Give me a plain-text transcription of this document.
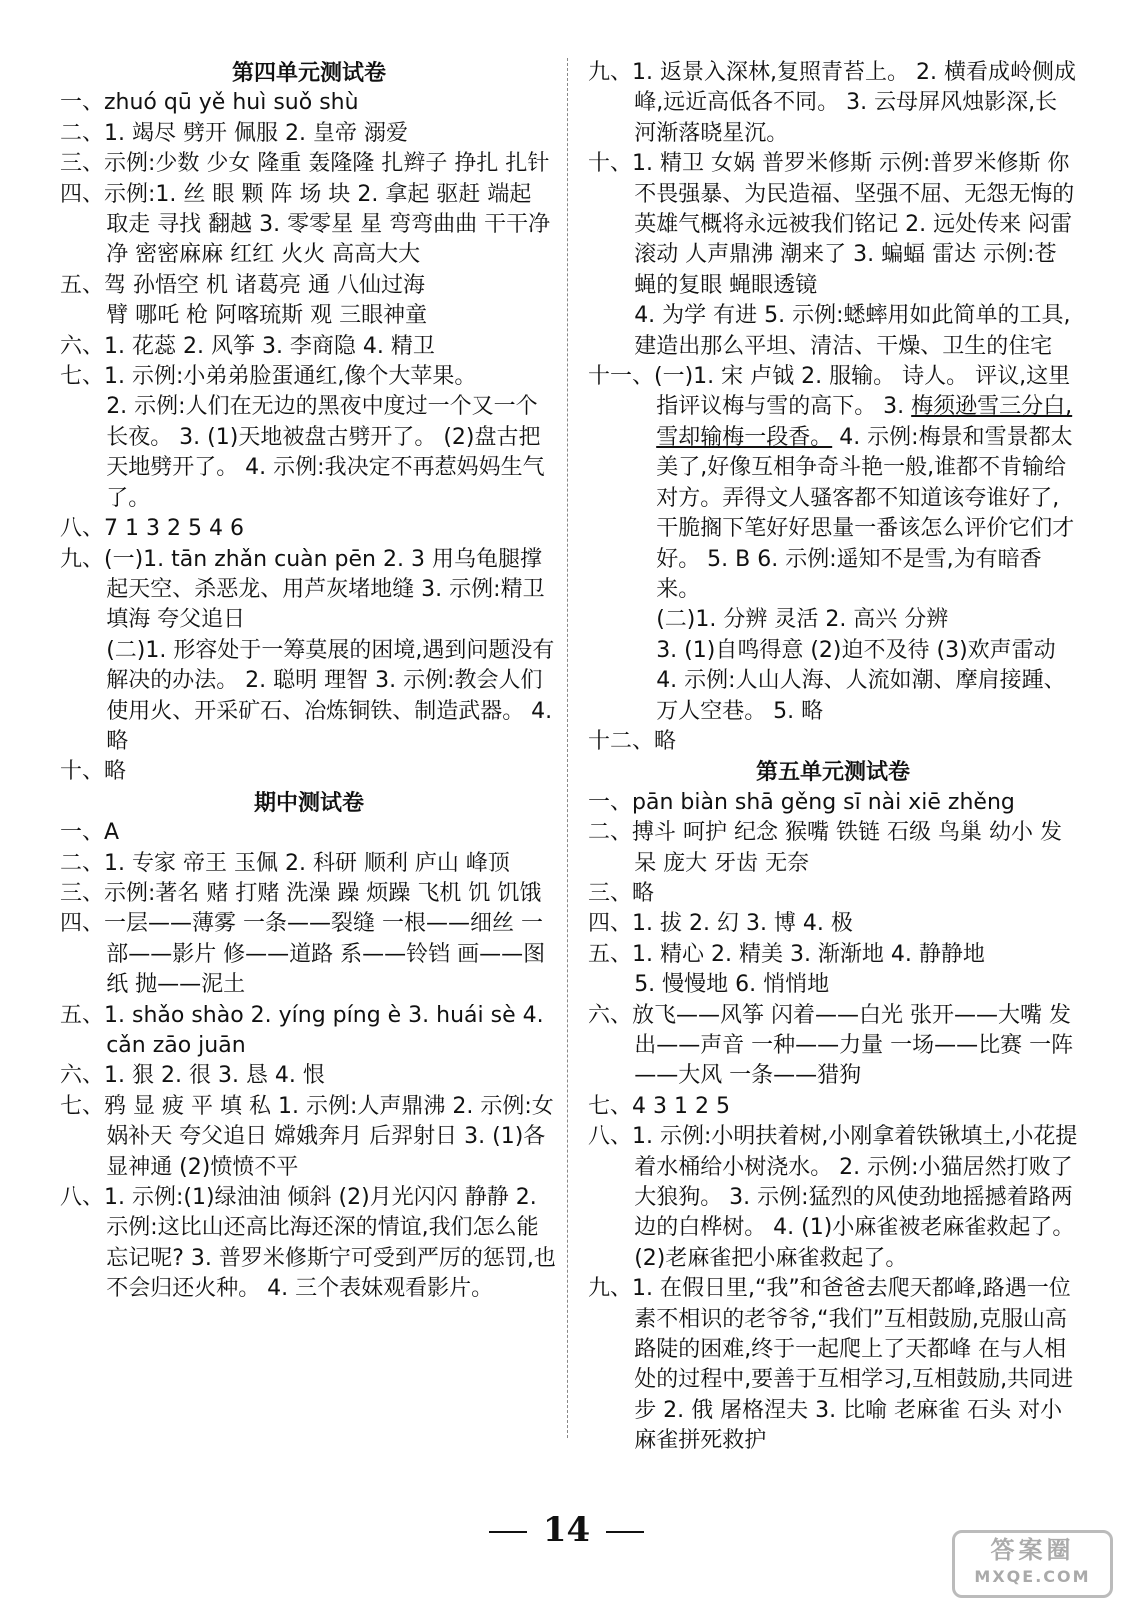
第四单元测试卷
一、zhuó qū yě huì suǒ shù
二、1. 竭尽 劈开 佩服 2. 皇帝 溺爱
三、示例:少数 少女 隆重 轰隆隆 扎辫子 挣扎 扎针
四、示例:1. 丝 眼 颗 阵 场 块 2. 拿起 驱赶 端起 取走 寻找 翻越 3. 零零星 星 弯弯曲曲 干干净净 密密麻麻 红红 火火 高高大大
五、驾 孙悟空 机 诸葛亮 通 八仙过海
臂 哪吒 枪 阿喀琉斯 观 三眼神童
六、1. 花蕊 2. 风筝 3. 李商隐 4. 精卫
七、1. 示例:小弟弟脸蛋通红,像个大苹果。
2. 示例:人们在无边的黑夜中度过一个又一个长夜。 3. (1)天地被盘古劈开了。 (2)盘古把天地劈开了。 4. 示例:我决定不再惹妈妈生气了。
八、7 1 3 2 5 4 6
九、(一)1. tān zhǎn cuàn pēn 2. 3 用乌龟腿撑起天空、杀恶龙、用芦灰堵地缝 3. 示例:精卫填海 夸父追日
(二)1. 形容处于一筹莫展的困境,遇到问题没有解决的办法。 2. 聪明 理智 3. 示例:教会人们使用火、开采矿石、冶炼铜铁、制造武器。 4. 略
十、略
期中测试卷
一、A
二、1. 专家 帝王 玉佩 2. 科研 顺利 庐山 峰顶
三、示例:著名 赌 打赌 洗澡 躁 烦躁 飞机 饥 饥饿
四、一层——薄雾 一条——裂缝 一根——细丝 一部——影片 修——道路 系——铃铛 画——图纸 抛——泥土
五、1. shǎo shào 2. yíng píng è 3. huái sè 4. cǎn zāo juān
六、1. 狠 2. 很 3. 恳 4. 恨
七、鸦 显 疲 平 填 私 1. 示例:人声鼎沸 2. 示例:女娲补天 夸父追日 嫦娥奔月 后羿射日 3. (1)各显神通 (2)愤愤不平
八、1. 示例:(1)绿油油 倾斜 (2)月光闪闪 静静 2. 示例:这比山还高比海还深的情谊,我们怎么能忘记呢? 3. 普罗米修斯宁可受到严厉的惩罚,也不会归还火种。 4. 三个表妹观看影片。
九、1. 返景入深林,复照青苔上。 2. 横看成岭侧成峰,远近高低各不同。 3. 云母屏风烛影深,长河渐落晓星沉。
十、1. 精卫 女娲 普罗米修斯 示例:普罗米修斯 你不畏强暴、为民造福、坚强不屈、无怨无悔的英雄气概将永远被我们铭记 2. 远处传来 闷雷滚动 人声鼎沸 潮来了 3. 蝙蝠 雷达 示例:苍蝇的复眼 蝇眼透镜
4. 为学 有进 5. 示例:蟋蟀用如此简单的工具,建造出那么平坦、清洁、干燥、卫生的住宅
十一、(一)1. 宋 卢钺 2. 服输。 诗人。 评议,这里指评议梅与雪的高下。 3. 梅须逊雪三分白,雪却输梅一段香。 4. 示例:梅景和雪景都太美了,好像互相争奇斗艳一般,谁都不肯输给对方。弄得文人骚客都不知道该夸谁好了,干脆搁下笔好好思量一番该怎么评价它们才好。 5. B 6. 示例:遥知不是雪,为有暗香来。
(二)1. 分辨 灵活 2. 高兴 分辨
3. (1)自鸣得意 (2)迫不及待 (3)欢声雷动 4. 示例:人山人海、人流如潮、摩肩接踵、万人空巷。 5. 略
十二、略
第五单元测试卷
一、pān biàn shā gěng sī nài xiē zhěng
二、搏斗 呵护 纪念 猴嘴 铁链 石级 鸟巢 幼小 发呆 庞大 牙齿 无奈
三、略
四、1. 拔 2. 幻 3. 博 4. 极
五、1. 精心 2. 精美 3. 渐渐地 4. 静静地
5. 慢慢地 6. 悄悄地
六、放飞——风筝 闪着——白光 张开——大嘴 发出——声音 一种——力量 一场——比赛 一阵——大风 一条——猎狗
七、4 3 1 2 5
八、1. 示例:小明扶着树,小刚拿着铁锹填土,小花提着水桶给小树浇水。 2. 示例:小猫居然打败了大狼狗。 3. 示例:猛烈的风使劲地摇撼着路两边的白桦树。 4. (1)小麻雀被老麻雀救起了。 (2)老麻雀把小麻雀救起了。
九、1. 在假日里,“我”和爸爸去爬天都峰,路遇一位素不相识的老爷爷,“我们”互相鼓励,克服山高路陡的困难,终于一起爬上了天都峰 在与人相处的过程中,要善于互相学习,互相鼓励,共同进步 2. 俄 屠格涅夫 3. 比喻 老麻雀 石头 对小麻雀拼死救护
14	答案圈
MXQE.COM
